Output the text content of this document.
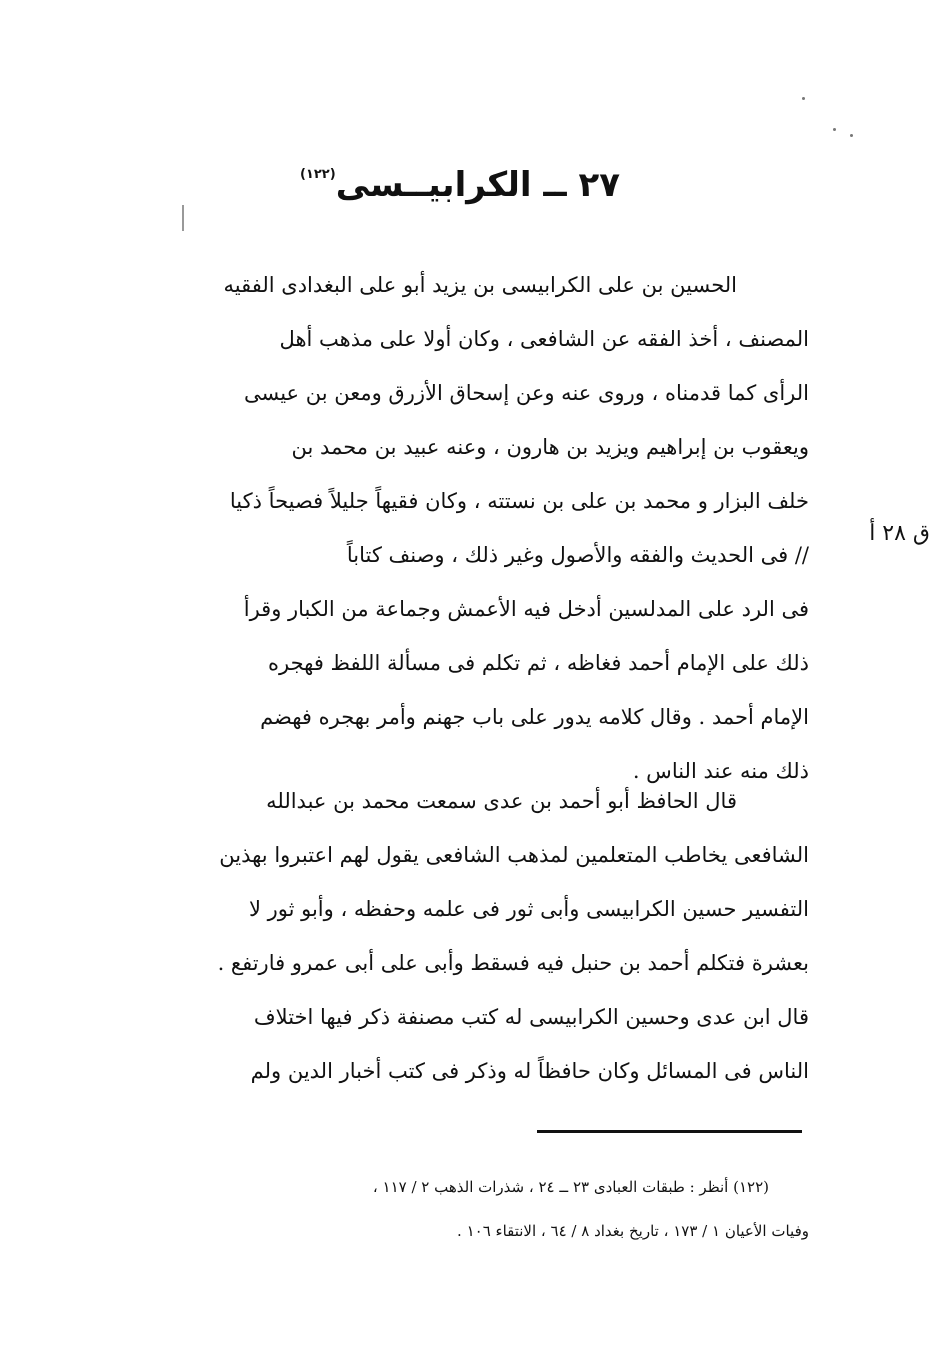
٢٧ ــ الكرابيــسى$^{(١٢٢)}$
ق ٢٨ أ
الحسين بن على الكرابيسى بن يزيد أبو على البغدادى الفقيه
المصنف ، أخذ الفقه عن الشافعى ، وكان أولا على مذهب أهل
الرأى كما قدمناه ، وروى عنه وعن إسحاق الأزرق ومعن بن عيسى
ويعقوب بن إبراهيم ويزيد بن هارون ، وعنه عبيد بن محمد بن
خلف البزار و محمد بن على بن نستته ، وكان فقيهاً جليلاً فصيحاً ذكيا
// فى الحديث والفقه والأصول وغير ذلك ، وصنف كتاباً
فى الرد على المدلسين أدخل فيه الأعمش وجماعة من الكبار وقرأ
ذلك على الإمام أحمد فغاظه ، ثم تكلم فى مسألة اللفظ فهجره
الإمام أحمد . وقال كلامه يدور على باب جهنم وأمر بهجره فهضم
ذلك منه عند الناس .
قال الحافظ أبو أحمد بن عدى سمعت محمد بن عبدالله
الشافعى يخاطب المتعلمين لمذهب الشافعى يقول لهم اعتبروا بهذين
التفسير حسين الكرابيسى وأبى ثور فى علمه وحفظه ، وأبو ثور لا
بعشرة فتكلم أحمد بن حنبل فيه فسقط وأبى على أبى عمرو فارتفع .
قال ابن عدى وحسين الكرابيسى له كتب مصنفة ذكر فيها اختلاف
الناس فى المسائل وكان حافظاً له وذكر فى كتب أخبار الدين ولم
(١٢٢) أنظر : طبقات العبادى ٢٣ ــ ٢٤ ، شذرات الذهب ٢ / ١١٧ ،
وفيات الأعيان ١ / ١٧٣ ، تاريخ بغداد ٨ / ٦٤ ، الانتقاء ١٠٦ .
